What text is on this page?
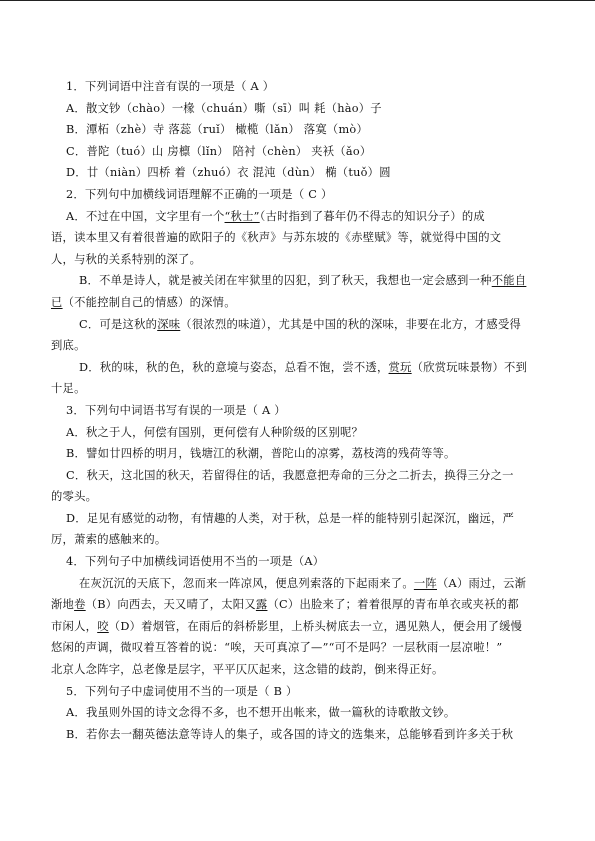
1．下列词语中注音有误的一项是（ A ）
A．散文钞（chào）一椽（chuán）嘶（sī）叫 耗（hào）子
B．潭柘（zhè）寺 落蕊（ruǐ） 橄榄（lǎn） 落寞（mò）
C．普陀（tuó）山 房檩（lǐn） 陪衬（chèn） 夹袄（ǎo）
D．廿（niàn）四桥 着（zhuó）衣 混沌（dùn） 椭（tuǒ）圆
2．下列句中加横线词语理解不正确的一项是（ C ）
A．不过在中国，文字里有一个“秋士”（古时指到了暮年仍不得志的知识分子）的成
语，读本里又有着很普遍的欧阳子的《秋声》与苏东坡的《赤壁赋》等，就觉得中国的文
人，与秋的关系特别的深了。
B．不单是诗人，就是被关闭在牢狱里的囚犯，到了秋天，我想也一定会感到一种不能自
已（不能控制自己的情感）的深情。
C．可是这秋的深味（很浓烈的味道），尤其是中国的秋的深味，非要在北方，才感受得
到底。
D．秋的味，秋的色，秋的意境与姿态，总看不饱，尝不透，赏玩（欣赏玩味景物）不到
十足。
3．下列句中词语书写有误的一项是（ A ）
A．秋之于人，何偿有国别，更何偿有人种阶级的区别呢？
B．譬如廿四桥的明月，钱塘江的秋潮，普陀山的凉雾，荔枝湾的残荷等等。
C．秋天，这北国的秋天，若留得住的话，我愿意把寿命的三分之二折去，换得三分之一
的零头。
D．足见有感觉的动物，有情趣的人类，对于秋，总是一样的能特别引起深沉，幽远，严
厉，萧索的感触来的。
4．下列句子中加横线词语使用不当的一项是（A）
在灰沉沉的天底下，忽而来一阵凉风，便息列索落的下起雨来了。一阵（A）雨过，云渐
渐地卷（B）向西去，天又晴了，太阳又露（C）出脸来了；着着很厚的青布单衣或夹袄的都
市闲人，咬（D）着烟管，在雨后的斜桥影里，上桥头树底去一立，遇见熟人，便会用了缓慢
悠闲的声调，微叹着互答着的说：“唉，天可真凉了—”“可不是吗？一层秋雨一层凉啦！”
北京人念阵字，总老像是层字，平平仄仄起来，这念错的歧韵，倒来得正好。
5．下列句子中虚词使用不当的一项是（ B ）
A．我虽则外国的诗文念得不多，也不想开出帐来，做一篇秋的诗歌散文钞。
B．若你去一翻英德法意等诗人的集子，或各国的诗文的选集来，总能够看到许多关于秋
